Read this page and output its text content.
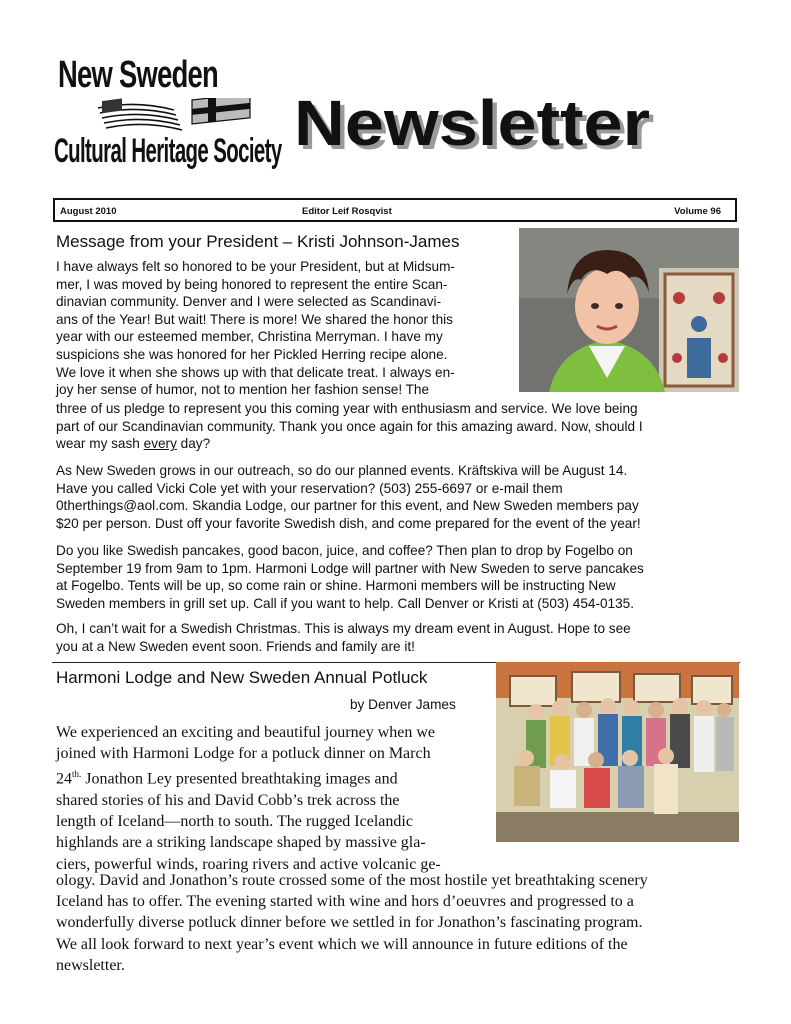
New Sweden
Cultural Heritage Society Newsletter
August 2010	Editor Leif Rosqvist	Volume 96
Message from your President – Kristi Johnson-James

I have always felt so honored to be your President, but at Midsum-

mer, I was moved by being honored to represent the entire Scan-

dinavian community. Denver and I were selected as Scandinavi-

ans of the Year! But wait! There is more! We shared the honor this

year with our esteemed member, Christina Merryman. I have my

suspicions she was honored for her Pickled Herring recipe alone.

We love it when she shows up with that delicate treat. I always en-

joy her sense of humor, not to mention her fashion sense! The

three of us pledge to represent you this coming year with enthusiasm and service. We love being

part of our Scandinavian community. Thank you once again for this amazing award. Now, should I

wear my sash every day?

As New Sweden grows in our outreach, so do our planned events. Kräftskiva will be August 14.

Have you called Vicki Cole yet with your reservation? (503) 255-6697 or e-mail them

0therthings@aol.com. Skandia Lodge, our partner for this event, and New Sweden members pay

$20 per person. Dust off your favorite Swedish dish, and come prepared for the event of the year!

Do you like Swedish pancakes, good bacon, juice, and coffee? Then plan to drop by Fogelbo on

September 19 from 9am to 1pm. Harmoni Lodge will partner with New Sweden to serve pancakes

at Fogelbo. Tents will be up, so come rain or shine. Harmoni members will be instructing New

Sweden members in grill set up. Call if you want to help. Call Denver or Kristi at (503) 454-0135.

Oh, I can’t wait for a Swedish Christmas. This is always my dream event in August. Hope to see

you at a New Sweden event soon. Friends and family are it!

Harmoni Lodge and New Sweden Annual Potluck
by Denver James

We experienced an exciting and beautiful journey when we

joined with Harmoni Lodge for a potluck dinner on March

$24^{th.}$ Jonathon Ley presented breathtaking images and

shared stories of his and David Cobb’s trek across the

length of Iceland—north to south. The rugged Icelandic

highlands are a striking landscape shaped by massive gla-

ciers, powerful winds, roaring rivers and active volcanic ge-

ology. David and Jonathon’s route crossed some of the most hostile yet breathtaking scenery

Iceland has to offer. The evening started with wine and hors d’oeuvres and progressed to a

wonderfully diverse potluck dinner before we settled in for Jonathon’s fascinating program.

We all look forward to next year’s event which we will announce in future editions of the

newsletter.
